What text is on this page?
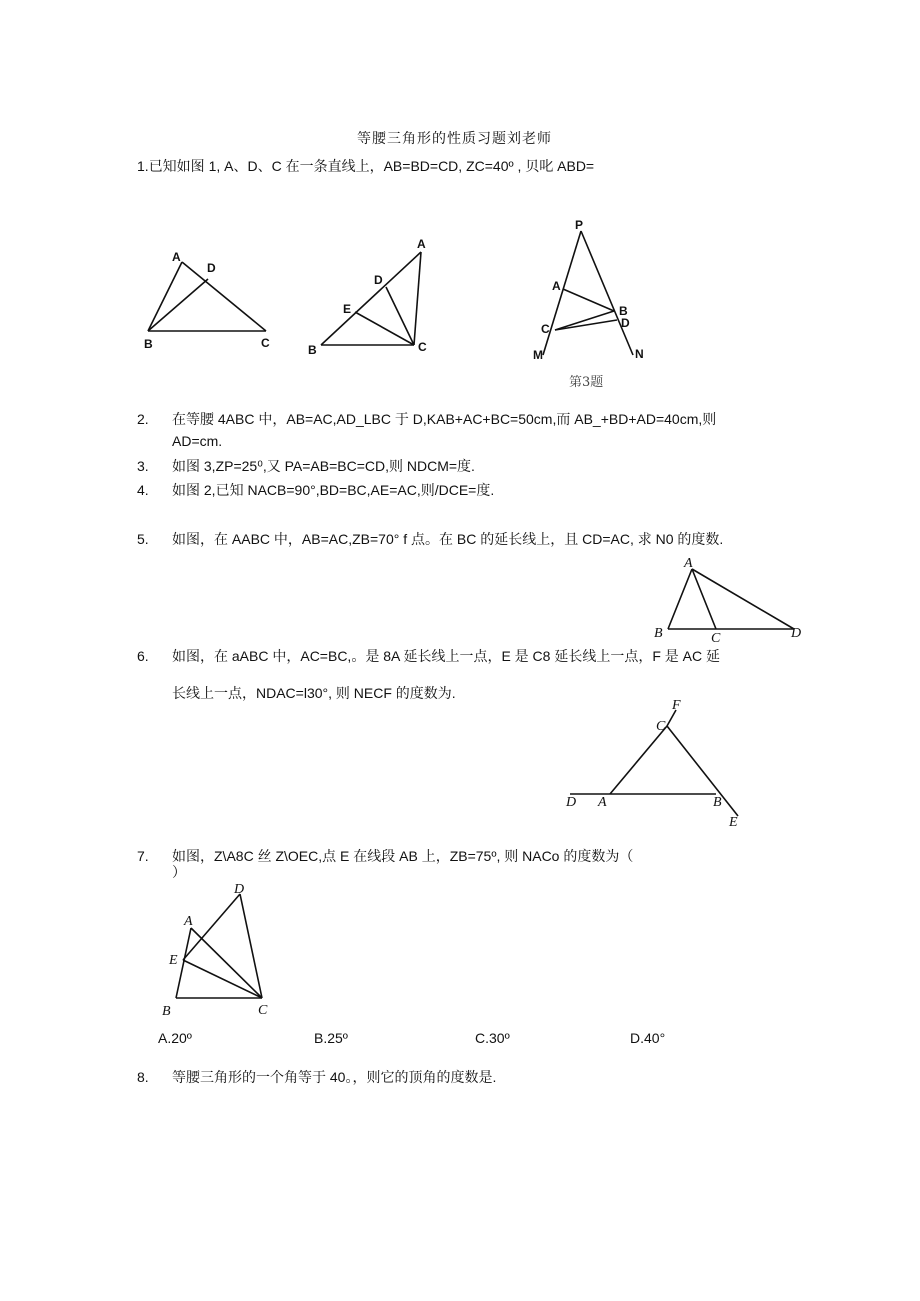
等腰三角形的性质习题刘老师
1.已知如图 1, A、D、C 在一条直线上，AB=BD=CD, ZC=40º , 贝叱 ABD=
A
D
B	C
A
D
E
B	C
P
A
B
C	D
M	N
第3题
2. 在等腰 4ABC 中，AB=AC,AD_LBC 于 D,KAB+AC+BC=50cm,而 AB_+BD+AD=40cm,则
AD=cm.
3. 如图 3,ZP=25⁰,又 PA=AB=BC=CD,则 NDCM=度.
4. 如图 2,已知 NACB=90°,BD=BC,AE=AC,则/DCE=度.
5. 如图，在 AABC 中，AB=AC,ZB=70° f 点。在 BC 的延长线上，且 CD=AC, 求 N0 的度数.
A
B	C	D
6. 如图，在 aABC 中，AC=BC,。是 8A 延长线上一点，E 是 C8 延长线上一点，F 是 AC 延
长线上一点，NDAC=l30°, 则 NECF 的度数为.
F
C
D A	B
E
7. 如图，Z\A8C 丝 Z\OEC,点 E 在线段 AB 上，ZB=75º, 则 NACo 的度数为（
）
D
A
E
B	C
A.20º	B.25º	C.30º	D.40°
8. 等腰三角形的一个角等于 40。，则它的顶角的度数是.
